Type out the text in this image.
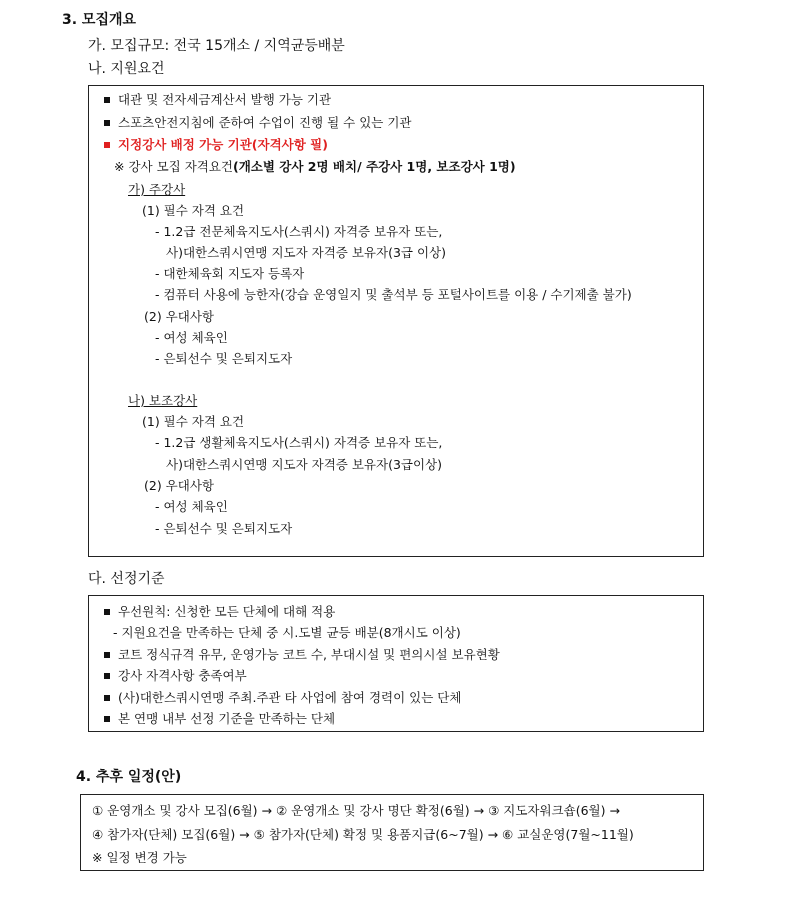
3. 모집개요
가. 모집규모: 전국 15개소 / 지역균등배분
나. 지원요건
대관 및 전자세금계산서 발행 가능 기관
스포츠안전지침에 준하여 수업이 진행 될 수 있는 기관
지정강사 배정 가능 기관(자격사항 필)
※ 강사 모집 자격요건(개소별 강사 2명 배치/ 주강사 1명, 보조강사 1명)
가) 주강사
(1) 필수 자격 요건
- 1.2급 전문체육지도사(스쿼시) 자격증 보유자 또는,
사)대한스쿼시연맹 지도자 자격증 보유자(3급 이상)
- 대한체육회 지도자 등록자
- 컴퓨터 사용에 능한자(강습 운영일지 및 출석부 등 포털사이트를 이용 / 수기제출 불가)
(2) 우대사항
- 여성 체육인
- 은퇴선수 및 은퇴지도자
나) 보조강사
(1) 필수 자격 요건
- 1.2급 생활체육지도사(스쿼시) 자격증 보유자 또는,
사)대한스쿼시연맹 지도자 자격증 보유자(3급이상)
(2) 우대사항
- 여성 체육인
- 은퇴선수 및 은퇴지도자
다. 선정기준
우선원칙: 신청한 모든 단체에 대해 적용
- 지원요건을 만족하는 단체 중 시.도별 균등 배분(8개시도 이상)
코트 정식규격 유무, 운영가능 코트 수, 부대시설 및 편의시설 보유현황
강사 자격사항 충족여부
(사)대한스쿼시연맹 주최.주관 타 사업에 참여 경력이 있는 단체
본 연맹 내부 선정 기준을 만족하는 단체
4. 추후 일정(안)
① 운영개소 및 강사 모집(6월) → ② 운영개소 및 강사 명단 확정(6월) → ③ 지도자워크숍(6월) →
④ 참가자(단체) 모집(6월) → ⑤ 참가자(단체) 확정 및 용품지급(6~7월) → ⑥ 교실운영(7월~11월)
※ 일정 변경 가능
